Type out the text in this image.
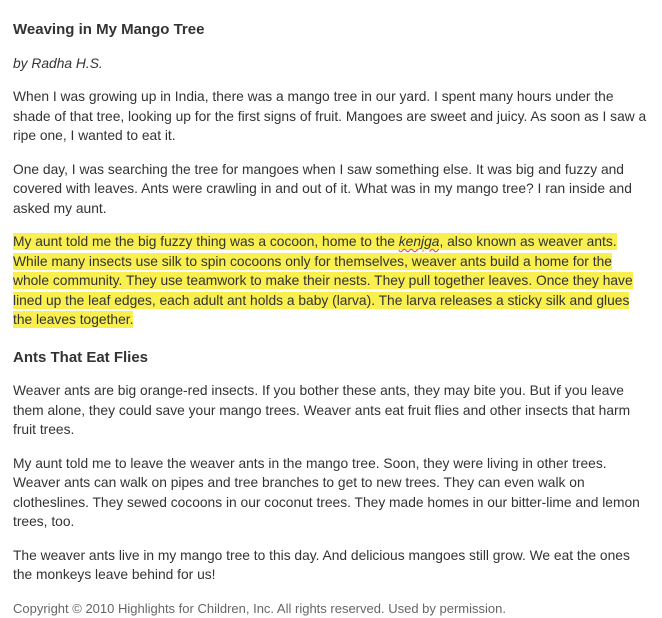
Weaving in My Mango Tree

by Radha H.S.

When I was growing up in India, there was a mango tree in our yard. I spent many hours under the shade of that tree, looking up for the first signs of fruit. Mangoes are sweet and juicy. As soon as I saw a ripe one, I wanted to eat it.

One day, I was searching the tree for mangoes when I saw something else. It was big and fuzzy and covered with leaves. Ants were crawling in and out of it. What was in my mango tree? I ran inside and asked my aunt.

My aunt told me the big fuzzy thing was a cocoon, home to the kenjga, also known as weaver ants. While many insects use silk to spin cocoons only for themselves, weaver ants build a home for the whole community. They use teamwork to make their nests. They pull together leaves. Once they have lined up the leaf edges, each adult ant holds a baby (larva). The larva releases a sticky silk and glues the leaves together.

Ants That Eat Flies

Weaver ants are big orange-red insects. If you bother these ants, they may bite you. But if you leave them alone, they could save your mango trees. Weaver ants eat fruit flies and other insects that harm fruit trees.

My aunt told me to leave the weaver ants in the mango tree. Soon, they were living in other trees. Weaver ants can walk on pipes and tree branches to get to new trees. They can even walk on clotheslines. They sewed cocoons in our coconut trees. They made homes in our bitter-lime and lemon trees, too.

The weaver ants live in my mango tree to this day. And delicious mangoes still grow. We eat the ones the monkeys leave behind for us!

Copyright © 2010 Highlights for Children, Inc. All rights reserved. Used by permission.
